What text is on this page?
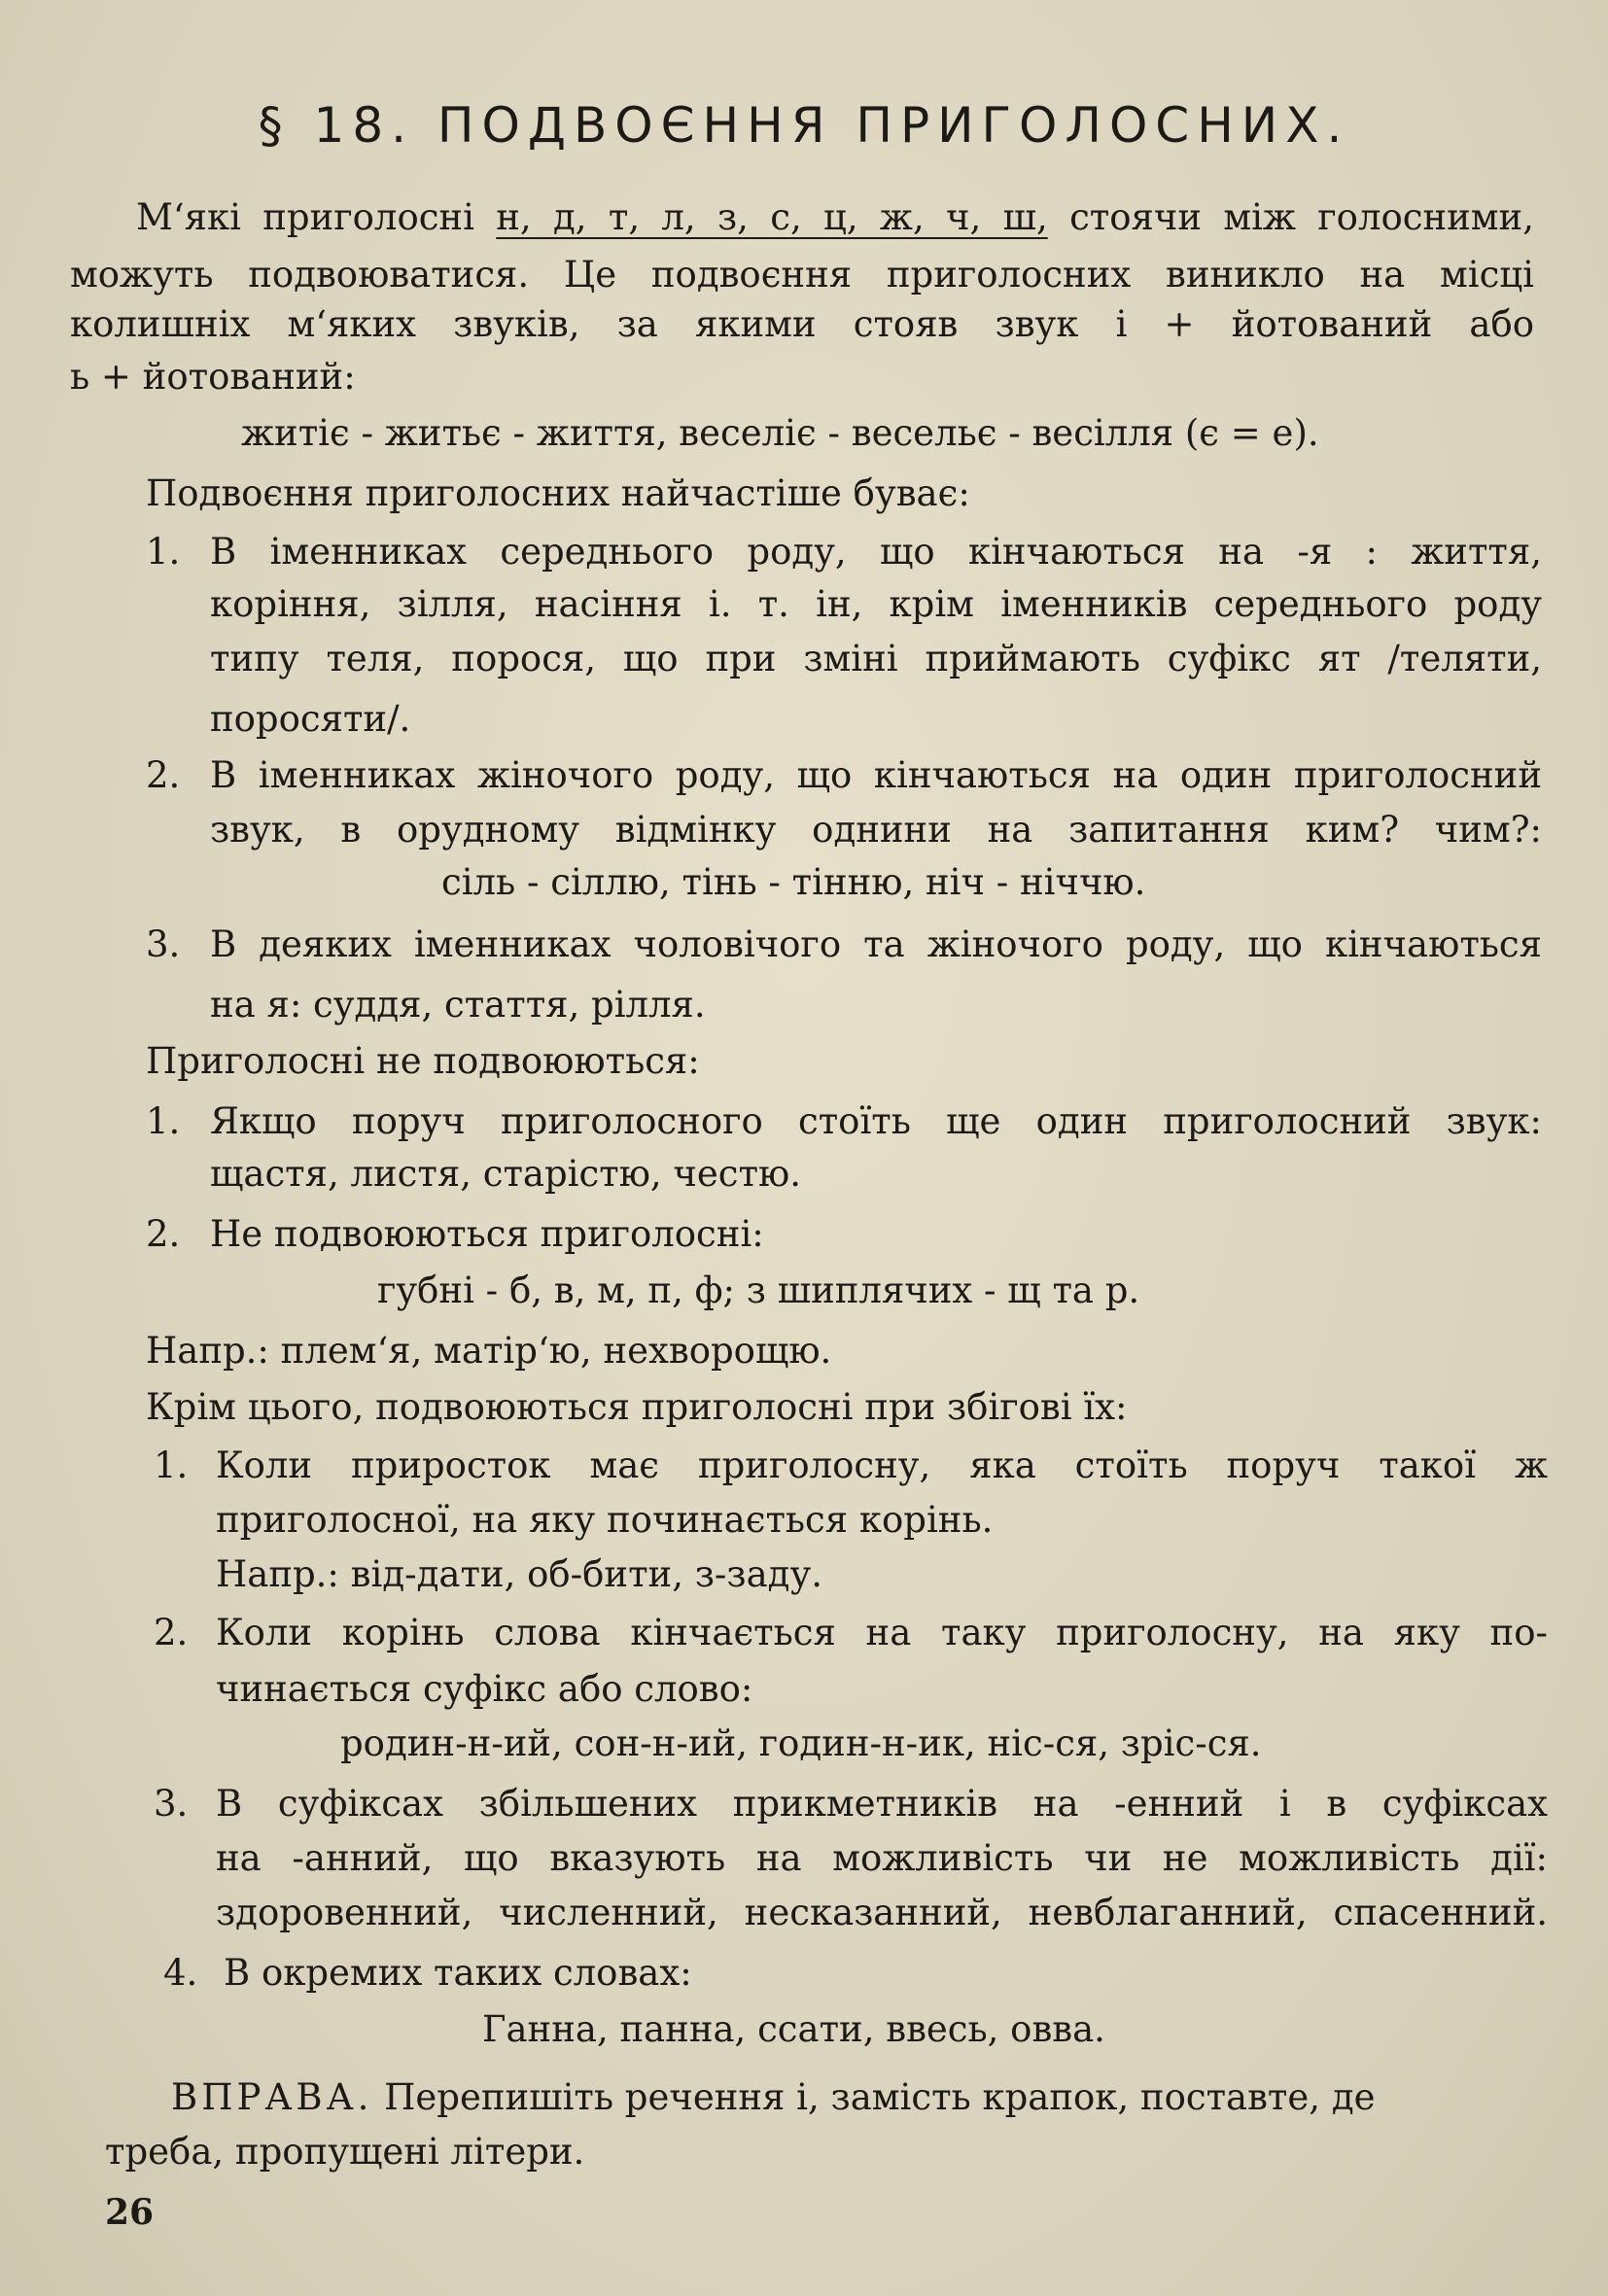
§ 18. ПОДВОЄННЯ ПРИГОЛОСНИХ.
М‘які приголосні н, д, т, л, з, с, ц, ж, ч, ш, стоячи між голосними,
можуть подвоюватися. Це подвоєння приголосних виникло на місці
колишніх м‘яких звуків, за якими стояв звук і + йотований або
ь + йотований:
житіє - житьє - життя, веселіє - весельє - весілля (є = е).
Подвоєння приголосних найчастіше буває:
1. В іменниках середнього роду, що кінчаються на -я : життя,
коріння, зілля, насіння і. т. ін, крім іменників середнього роду
типу теля, порося, що при зміні приймають суфікс ят /теляти,
поросяти/.
2. В іменниках жіночого роду, що кінчаються на один приголосний
звук, в орудному відмінку однини на запитання ким? чим?:
сіль - сіллю, тінь - тінню, ніч - ніччю.
3. В деяких іменниках чоловічого та жіночого роду, що кінчаються
на я: суддя, стаття, рілля.
Приголосні не подвоюються:
1. Якщо поруч приголосного стоїть ще один приголосний звук:
щастя, листя, старістю, честю.
2. Не подвоюються приголосні:
губні - б, в, м, п, ф; з шиплячих - щ та р.
Напр.: плем‘я, матір‘ю, нехворощю.
Крім цього, подвоюються приголосні при збігові їх:
1. Коли приросток має приголосну, яка стоїть поруч такої ж
приголосної, на яку починається корінь.
Напр.: від-дати, об-бити, з-заду.
2. Коли корінь слова кінчається на таку приголосну, на яку по-
чинається суфікс або слово:
родин-н-ий, сон-н-ий, годин-н-ик, ніс-ся, зріс-ся.
3. В суфіксах збільшених прикметників на -енний і в суфіксах
на -анний, що вказують на можливість чи не можливість дії:
здоровенний, численний, несказанний, невблаганний, спасенний.
4. В окремих таких словах:
Ганна, панна, ссати, ввесь, овва.
ВПРАВА. Перепишіть речення і, замість крапок, поставте, де
треба, пропущені літери.
26
